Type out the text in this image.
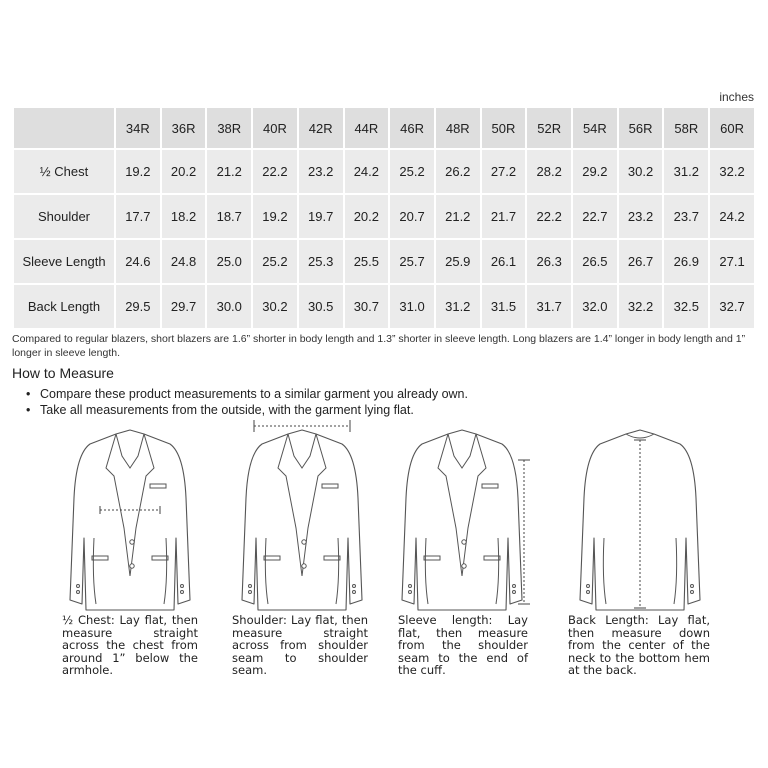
inches
	34R	36R	38R	40R	42R	44R	46R	48R	50R	52R	54R	56R	58R	60R
½ Chest	19.2	20.2	21.2	22.2	23.2	24.2	25.2	26.2	27.2	28.2	29.2	30.2	31.2	32.2
Shoulder	17.7	18.2	18.7	19.2	19.7	20.2	20.7	21.2	21.7	22.2	22.7	23.2	23.7	24.2
Sleeve Length	24.6	24.8	25.0	25.2	25.3	25.5	25.7	25.9	26.1	26.3	26.5	26.7	26.9	27.1
Back Length	29.5	29.7	30.0	30.2	30.5	30.7	31.0	31.2	31.5	31.7	32.0	32.2	32.5	32.7
Compared to regular blazers, short blazers are 1.6” shorter in body length and 1.3” shorter in sleeve length. Long blazers are 1.4” longer in body length and 1” longer in sleeve length.
How to Measure
• Compare these product measurements to a similar garment you already own.
• Take all measurements from the outside, with the garment lying flat.
½ Chest: Lay flat, then measure straight across the chest from around 1” below the armhole.
Shoulder: Lay flat, then measure straight across from shoulder seam to shoulder seam.
Sleeve length: Lay flat, then measure from the shoulder seam to the end of the cuff.
Back Length: Lay flat, then measure down from the center of the neck to the bottom hem at the back.
